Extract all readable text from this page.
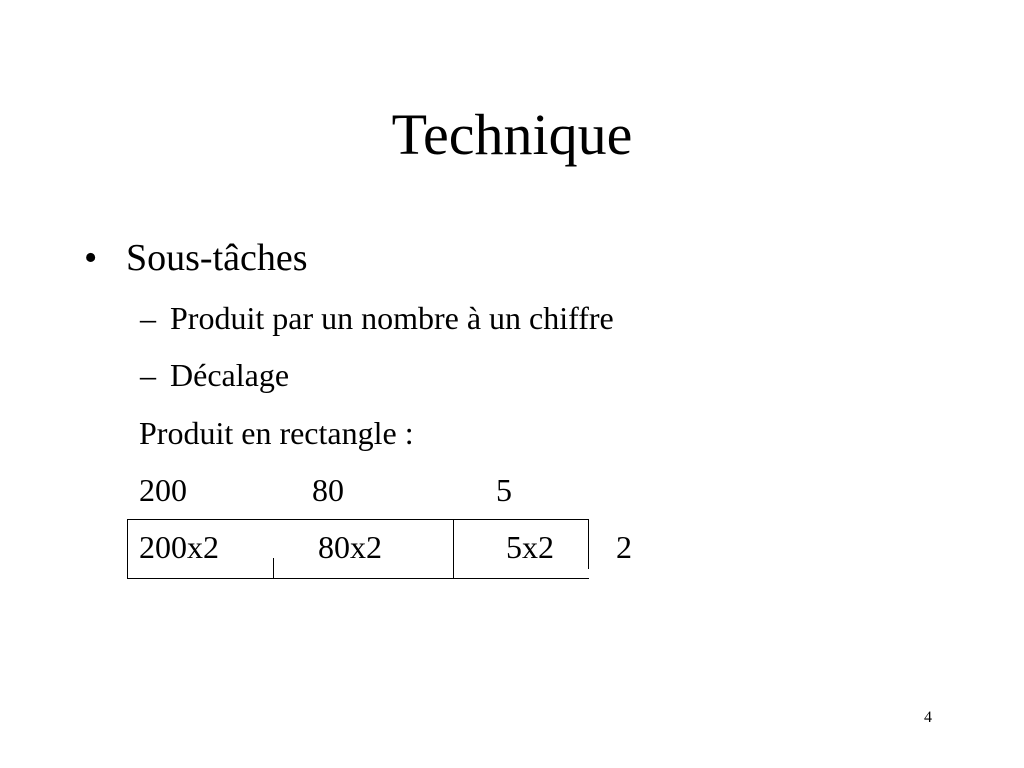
Technique
• Sous-tâches
– Produit par un nombre à un chiffre
– Décalage
Produit en rectangle :
200	80	5
200x2	80x2	5x2 2
4
